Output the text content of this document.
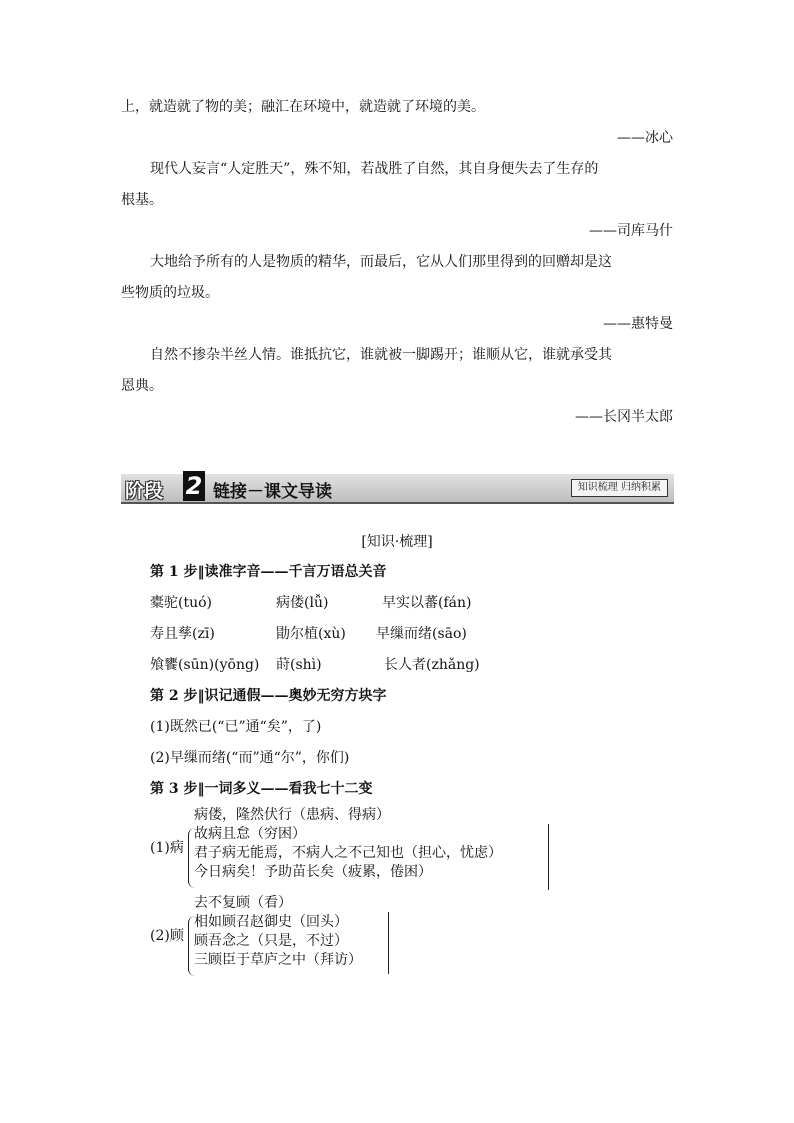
上，就造就了物的美；融汇在环境中，就造就了环境的美。
——冰心
现代人妄言“人定胜天”，殊不知，若战胜了自然，其自身便失去了生存的
根基。
——司库马什
大地给予所有的人是物质的精华，而最后，它从人们那里得到的回赠却是这
些物质的垃圾。
——惠特曼
自然不掺杂半丝人情。谁抵抗它，谁就被一脚踢开；谁顺从它，谁就承受其
恩典。
——长冈半太郎
阶段 2 链接－课文导读	知识梳理 归纳积累
[知识·梳理]
第 1 步‖读准字音——千言万语总关音
橐驼(tuó)	病偻(lǚ)	早实以蕃(fán)
寿且孳(zī)	勖尔植(xù) 早缫而绪(sāo)
飧饔(sūn)(yōng) 莳(shì)	长人者(zhǎng)
第 2 步‖识记通假——奥妙无穷方块字
(1)既然已(“已”通“矣”，了)
(2)早缫而绪(“而”通“尔”，你们)
第 3 步‖一词多义——看我七十二变
(1)病
病偻，隆然伏行（患病、得病）
故病且怠（穷困）
君子病无能焉，不病人之不己知也（担心，忧虑）
今日病矣！予助苗长矣（疲累，倦困）
(2)顾
去不复顾（看）
相如顾召赵御史（回头）
顾吾念之（只是，不过）
三顾臣于草庐之中（拜访）
